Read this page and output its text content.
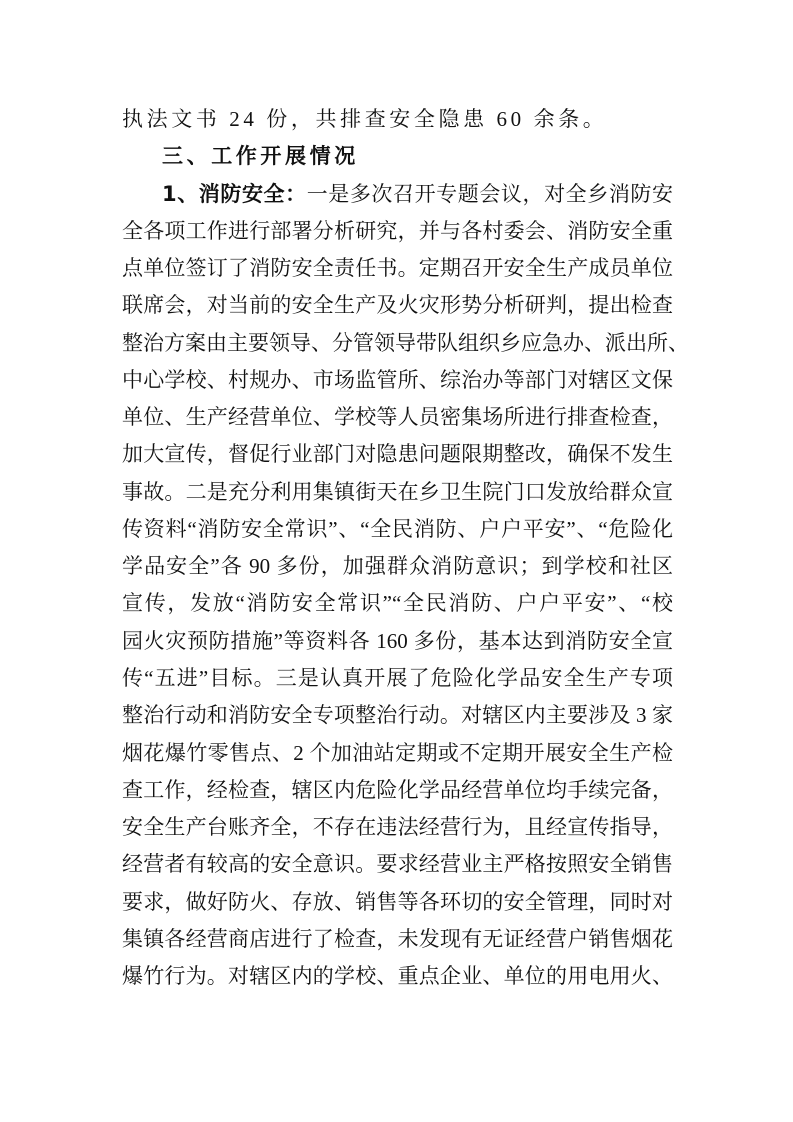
执法文书 24 份，共排查安全隐患 60 余条。
三、工作开展情况
1、消防安全：一是多次召开专题会议，对全乡消防安
全各项工作进行部署分析研究，并与各村委会、消防安全重
点单位签订了消防安全责任书。定期召开安全生产成员单位
联席会，对当前的安全生产及火灾形势分析研判，提出检查
整治方案由主要领导、分管领导带队组织乡应急办、派出所、
中心学校、村规办、市场监管所、综治办等部门对辖区文保
单位、生产经营单位、学校等人员密集场所进行排查检查，
加大宣传，督促行业部门对隐患问题限期整改，确保不发生
事故。二是充分利用集镇街天在乡卫生院门口发放给群众宣
传资料“消防安全常识”、“全民消防、户户平安”、“危险化
学品安全”各 90 多份，加强群众消防意识；到学校和社区
宣传，发放“消防安全常识”“全民消防、户户平安”、“校
园火灾预防措施”等资料各 160 多份，基本达到消防安全宣
传“五进”目标。三是认真开展了危险化学品安全生产专项
整治行动和消防安全专项整治行动。对辖区内主要涉及 3 家
烟花爆竹零售点、2 个加油站定期或不定期开展安全生产检
查工作，经检查，辖区内危险化学品经营单位均手续完备，
安全生产台账齐全，不存在违法经营行为，且经宣传指导，
经营者有较高的安全意识。要求经营业主严格按照安全销售
要求，做好防火、存放、销售等各环切的安全管理，同时对
集镇各经营商店进行了检查，未发现有无证经营户销售烟花
爆竹行为。对辖区内的学校、重点企业、单位的用电用火、
